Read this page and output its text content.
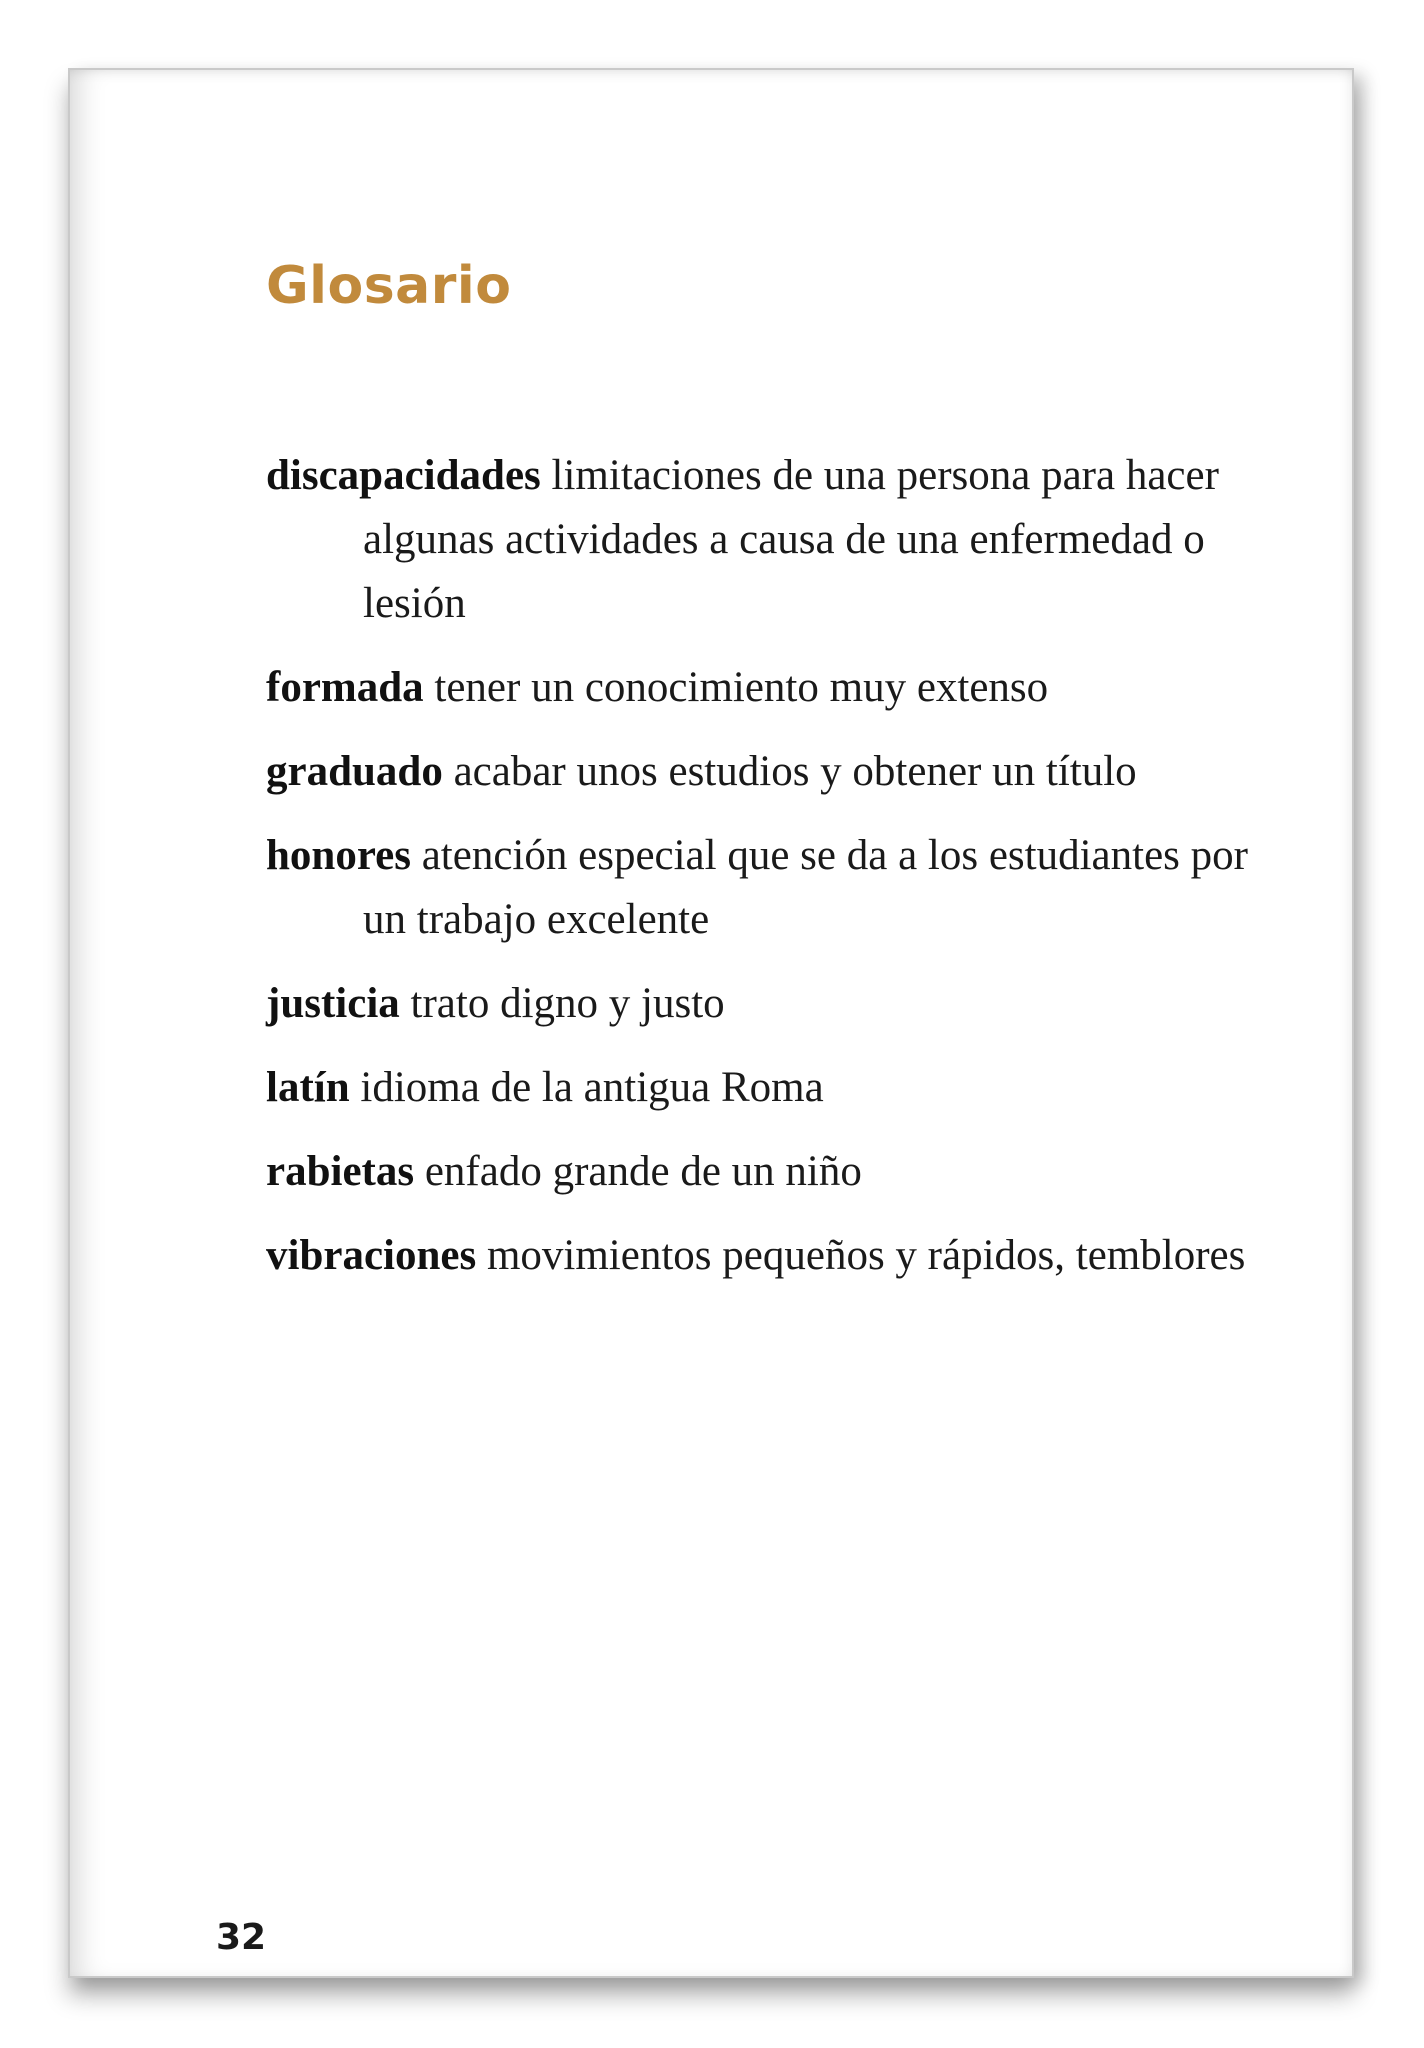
Glosario
discapacidades limitaciones de una persona para hacer algunas actividades a causa de una enfermedad o lesión
formada tener un conocimiento muy extenso
graduado acabar unos estudios y obtener un título
honores atención especial que se da a los estudiantes por un trabajo excelente
justicia trato digno y justo
latín idioma de la antigua Roma
rabietas enfado grande de un niño
vibraciones movimientos pequeños y rápidos, temblores
32
